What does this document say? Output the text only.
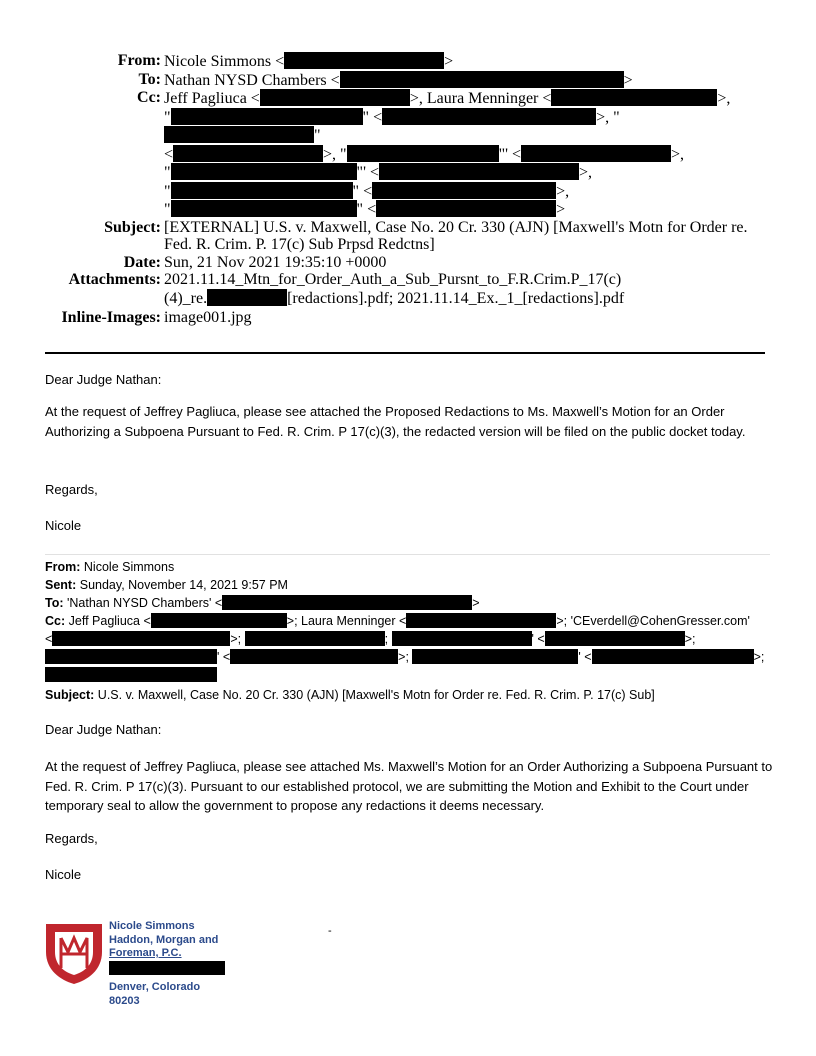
From: Nicole Simmons <	>
To: Nathan NYSD Chambers <	>
Cc: Jeff Pagliuca <	>, Laura Menninger <	>,
"	" <	>, ""
<	>, "	"' <	>,
"	"' <	>,
"	" <	>,
"	" <	>
Subject: [EXTERNAL] U.S. v. Maxwell, Case No. 20 Cr. 330 (AJN) [Maxwell's Motn for Order re. Fed. R. Crim. P. 17(c) Sub Prpsd Redctns]
Date: Sun, 21 Nov 2021 19:35:10 +0000
Attachments: 2021.11.14_Mtn_for_Order_Auth_a_Sub_Pursnt_to_F.R.Crim.P_17(c)(4)_re.	[redactions].pdf; 2021.11.14_Ex._1_[redactions].pdf
Inline-Images: image001.jpg
Dear Judge Nathan:
At the request of Jeffrey Pagliuca, please see attached the Proposed Redactions to Ms. Maxwell’s Motion for an Order Authorizing a Subpoena Pursuant to Fed. R. Crim. P 17(c)(3), the redacted version will be filed on the public docket today.
Regards,
Nicole
From: Nicole Simmons
Sent: Sunday, November 14, 2021 9:57 PM
To: 'Nathan NYSD Chambers' <	>
Cc: Jeff Pagliuca <	>; Laura Menninger <	>; 'CEverdell@CohenGresser.com'
<	>;	;	' <	>;
' <	>;	' <	>;
Subject: U.S. v. Maxwell, Case No. 20 Cr. 330 (AJN) [Maxwell's Motn for Order re. Fed. R. Crim. P. 17(c) Sub]
Dear Judge Nathan:
At the request of Jeffrey Pagliuca, please see attached Ms. Maxwell’s Motion for an Order Authorizing a Subpoena Pursuant to Fed. R. Crim. P 17(c)(3). Pursuant to our established protocol, we are submitting the Motion and Exhibit to the Court under temporary seal to allow the government to propose any redactions it deems necessary.
Regards,
Nicole
Nicole Simmons
Haddon, Morgan and
Foreman, P.C.
Denver, Colorado
80203
-
